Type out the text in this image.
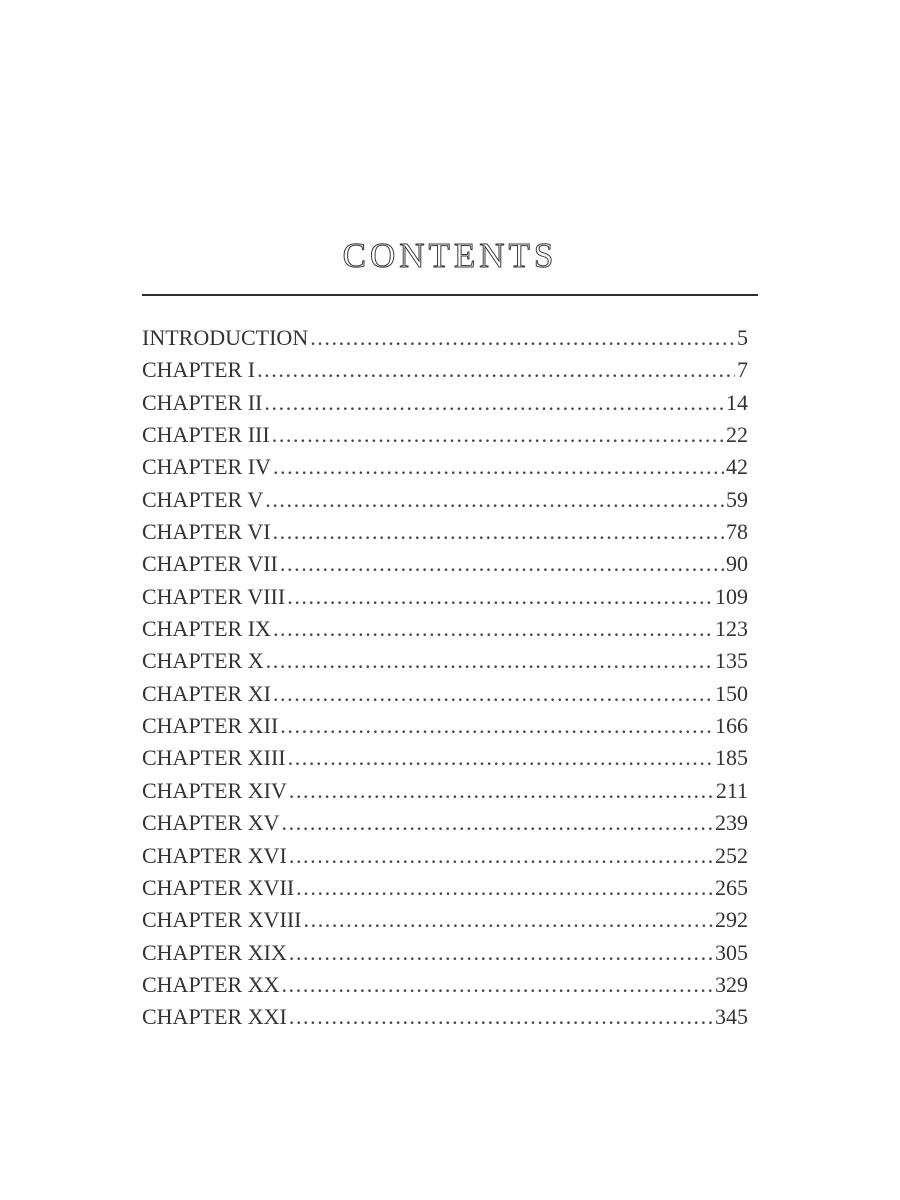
CONTENTS
INTRODUCTION .....	5
CHAPTER I .....	7
CHAPTER II .....	14
CHAPTER III .....	22
CHAPTER IV .....	42
CHAPTER V .....	59
CHAPTER VI .....	78
CHAPTER VII .....	90
CHAPTER VIII .....	109
CHAPTER IX .....	123
CHAPTER X .....	135
CHAPTER XI .....	150
CHAPTER XII .....	166
CHAPTER XIII .....	185
CHAPTER XIV .....	211
CHAPTER XV .....	239
CHAPTER XVI .....	252
CHAPTER XVII .....	265
CHAPTER XVIII .....	292
CHAPTER XIX .....	305
CHAPTER XX .....	329
CHAPTER XXI .....	345
